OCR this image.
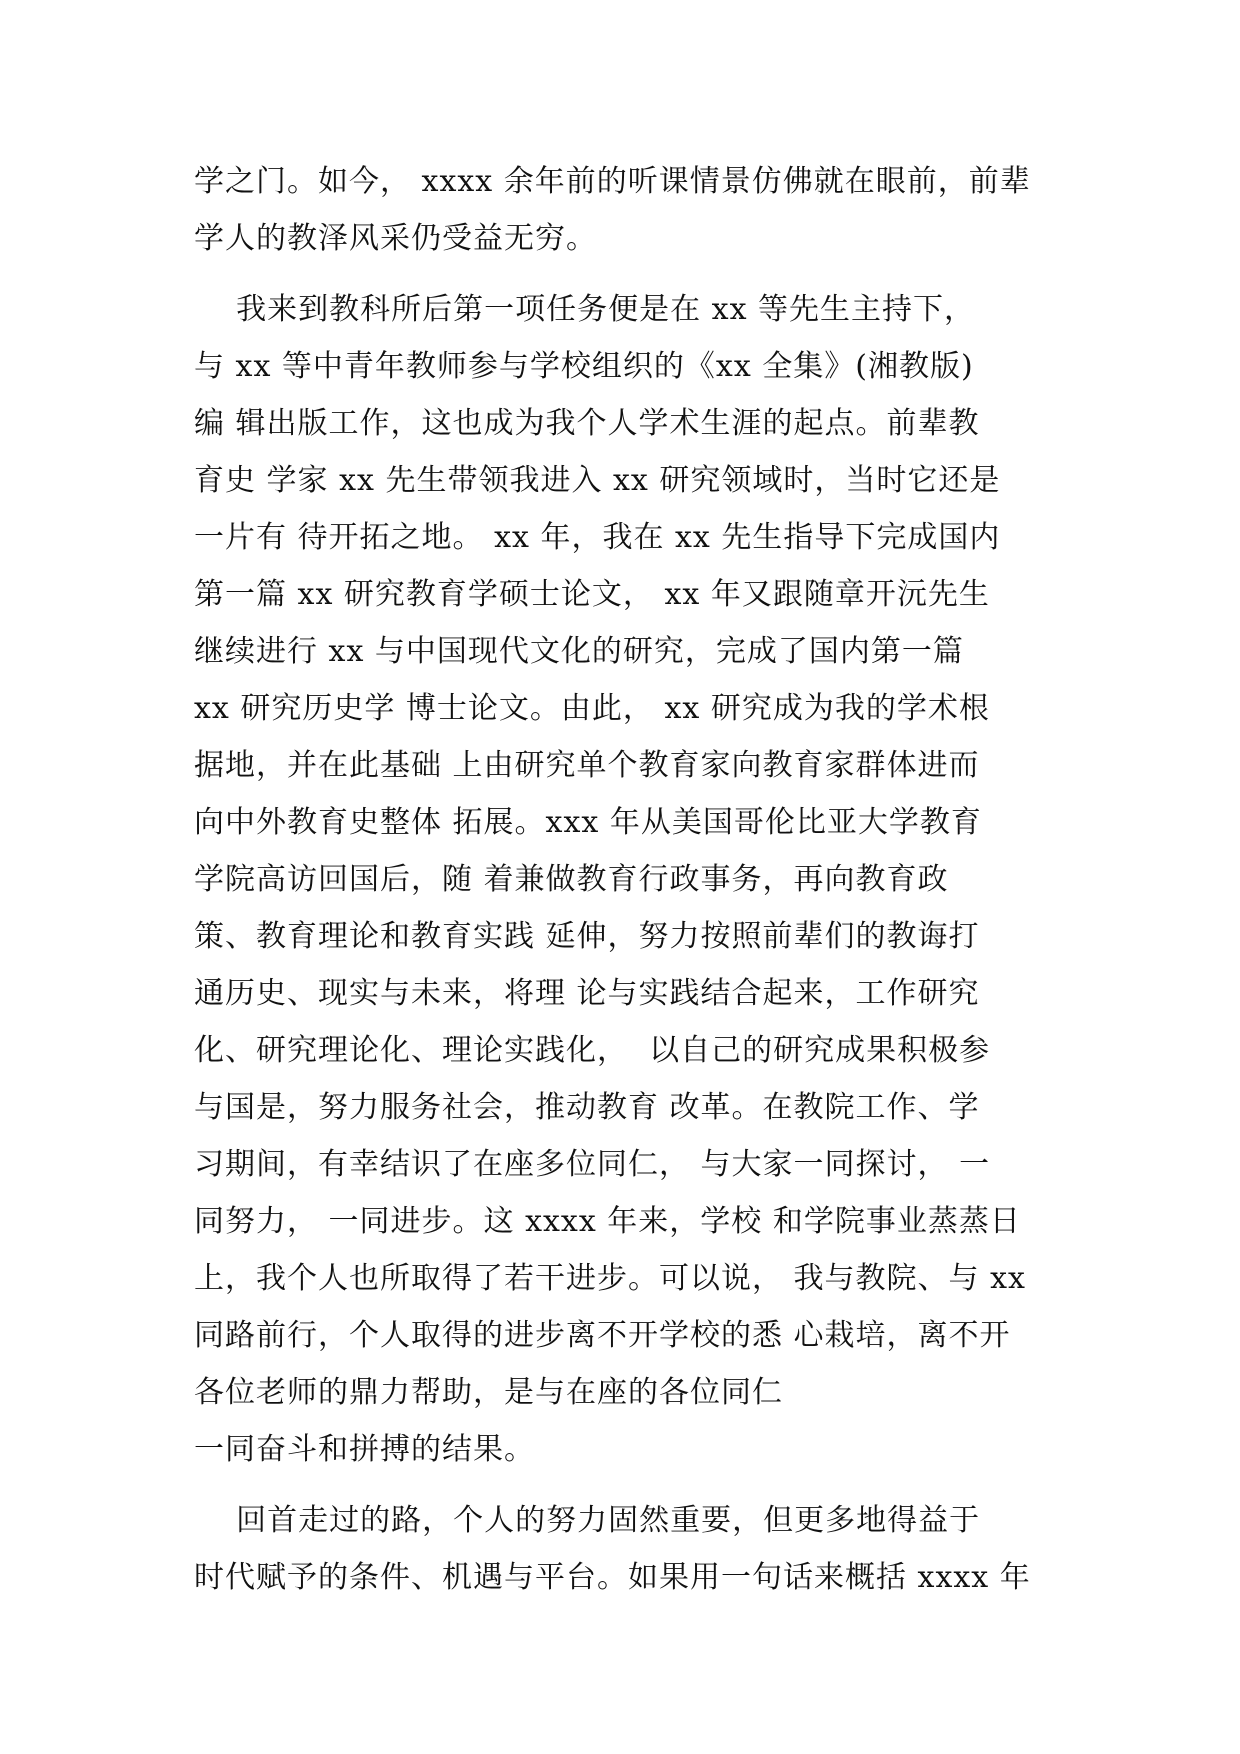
学之门。如今， xxxx 余年前的听课情景仿佛就在眼前，前辈
学人的教泽风采仍受益无穷。
我来到教科所后第一项任务便是在 xx 等先生主持下，
与 xx 等中青年教师参与学校组织的《xx 全集》(湘教版)
编 辑出版工作，这也成为我个人学术生涯的起点。前辈教
育史 学家 xx 先生带领我进入 xx 研究领域时，当时它还是
一片有 待开拓之地。 xx 年，我在 xx 先生指导下完成国内
第一篇 xx 研究教育学硕士论文， xx 年又跟随章开沅先生
继续进行 xx 与中国现代文化的研究，完成了国内第一篇
xx 研究历史学 博士论文。由此， xx 研究成为我的学术根
据地，并在此基础 上由研究单个教育家向教育家群体进而
向中外教育史整体 拓展。xxx 年从美国哥伦比亚大学教育
学院高访回国后，随 着兼做教育行政事务，再向教育政
策、教育理论和教育实践 延伸，努力按照前辈们的教诲打
通历史、现实与未来，将理 论与实践结合起来，工作研究
化、研究理论化、理论实践化，  以自己的研究成果积极参
与国是，努力服务社会，推动教育 改革。在教院工作、学
习期间，有幸结识了在座多位同仁， 与大家一同探讨， 一
同努力， 一同进步。这 xxxx 年来，学校 和学院事业蒸蒸日
上，我个人也所取得了若干进步。可以说， 我与教院、与 xx
同路前行，个人取得的进步离不开学校的悉 心栽培，离不开
各位老师的鼎力帮助，是与在座的各位同仁
一同奋斗和拼搏的结果。
回首走过的路，个人的努力固然重要，但更多地得益于
时代赋予的条件、机遇与平台。如果用一句话来概括 xxxx 年
